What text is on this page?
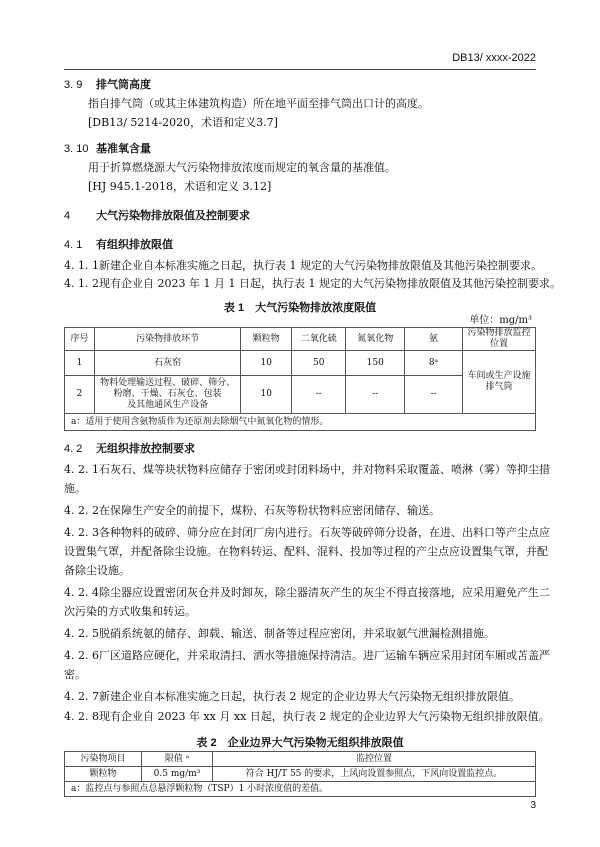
DB13/ xxxx-2022
3. 9 排气筒高度
指自排气筒（或其主体建筑构造）所在地平面至排气筒出口计的高度。
[DB13/ 5214-2020，术语和定义3.7]
3. 10 基准氧含量
用于折算燃烧源大气污染物排放浓度而规定的氧含量的基准值。
[HJ 945.1-2018，术语和定义 3.12]
4 大气污染物排放限值及控制要求
4. 1 有组织排放限值
4. 1. 1新建企业自本标准实施之日起，执行表 1 规定的大气污染物排放限值及其他污染控制要求。
4. 1. 2现有企业自 2023 年 1 月 1 日起，执行表 1 规定的大气污染物排放限值及其他污染控制要求。
表 1　大气污染物排放浓度限值
单位：mg/m³
序号	污染物排放环节	颗粒物	二氧化硫	氮氧化物	氨	污染物排放监控位置
1	石灰窑	10	50	150	8ᵃ	车间或生产设施
排气筒

2	物料处理输送过程、破碎、筛分、
粉磨、干燥、石灰仓、包装
及其他通风生产设备	10	--	--	--	
a：适用于使用含氨物质作为还原剂去除烟气中氮氧化物的情形。						
4. 2 无组织排放控制要求
4. 2. 1石灰石、煤等块状物料应储存于密闭或封闭料场中，并对物料采取覆盖、喷淋（雾）等抑尘措
施。
4. 2. 2在保障生产安全的前提下，煤粉、石灰等粉状物料应密闭储存、输送。
4. 2. 3各种物料的破碎、筛分应在封闭厂房内进行。石灰等破碎筛分设备，在进、出料口等产尘点应
设置集气罩，并配备除尘设施。在物料转运、配料、混料、投加等过程的产尘点应设置集气罩，并配
备除尘设施。
4. 2. 4除尘器应设置密闭灰仓并及时卸灰，除尘器清灰产生的灰尘不得直接落地，应采用避免产生二
次污染的方式收集和转运。
4. 2. 5脱硝系统氨的储存、卸载、输送、制备等过程应密闭，并采取氨气泄漏检测措施。
4. 2. 6厂区道路应硬化，并采取清扫、洒水等措施保持清洁。进厂运输车辆应采用封闭车厢或苫盖严
密。
4. 2. 7新建企业自本标准实施之日起，执行表 2 规定的企业边界大气污染物无组织排放限值。
4. 2. 8现有企业自 2023 年 xx 月 xx 日起，执行表 2 规定的企业边界大气污染物无组织排放限值。
表 2　企业边界大气污染物无组织排放限值
污染物项目	限值 ᵃ	监控位置
颗粒物	0.5 mg/m³	符合 HJ/T 55 的要求，上风向设置参照点，下风向设置监控点。
a：监控点与参照点总悬浮颗粒物（TSP）1 小时浓度值的差值。		
3
